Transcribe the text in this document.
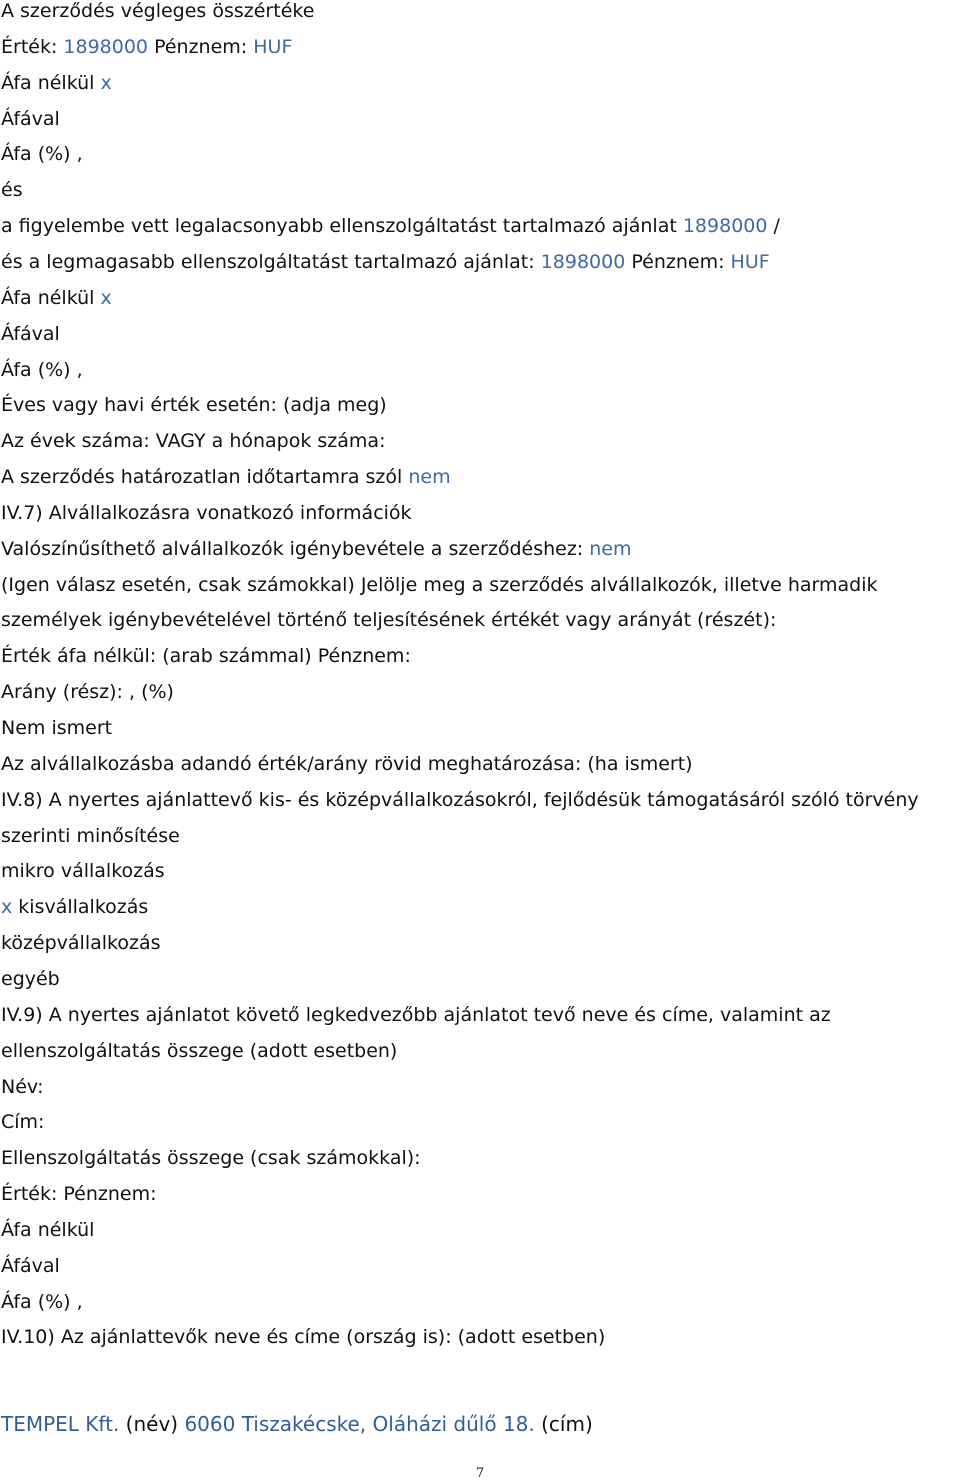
A szerződés végleges összértéke
Érték: 1898000 Pénznem: HUF
Áfa nélkül x
Áfával
Áfa (%) ,
és
a figyelembe vett legalacsonyabb ellenszolgáltatást tartalmazó ajánlat 1898000 /
és a legmagasabb ellenszolgáltatást tartalmazó ajánlat: 1898000 Pénznem: HUF
Áfa nélkül x
Áfával
Áfa (%) ,
Éves vagy havi érték esetén: (adja meg)
Az évek száma: VAGY a hónapok száma:
A szerződés határozatlan időtartamra szól nem
IV.7) Alvállalkozásra vonatkozó információk
Valószínűsíthető alvállalkozók igénybevétele a szerződéshez: nem
(Igen válasz esetén, csak számokkal) Jelölje meg a szerződés alvállalkozók, illetve harmadik
személyek igénybevételével történő teljesítésének értékét vagy arányát (részét):
Érték áfa nélkül: (arab számmal) Pénznem:
Arány (rész): , (%)
Nem ismert
Az alvállalkozásba adandó érték/arány rövid meghatározása: (ha ismert)
IV.8) A nyertes ajánlattevő kis- és középvállalkozásokról, fejlődésük támogatásáról szóló törvény
szerinti minősítése
mikro vállalkozás
x kisvállalkozás
középvállalkozás
egyéb
IV.9) A nyertes ajánlatot követő legkedvezőbb ajánlatot tevő neve és címe, valamint az
ellenszolgáltatás összege (adott esetben)
Név:
Cím:
Ellenszolgáltatás összege (csak számokkal):
Érték: Pénznem:
Áfa nélkül
Áfával
Áfa (%) ,
IV.10) Az ajánlattevők neve és címe (ország is): (adott esetben)
TEMPEL Kft. (név) 6060 Tiszakécske, Oláházi dűlő 18. (cím)
7
